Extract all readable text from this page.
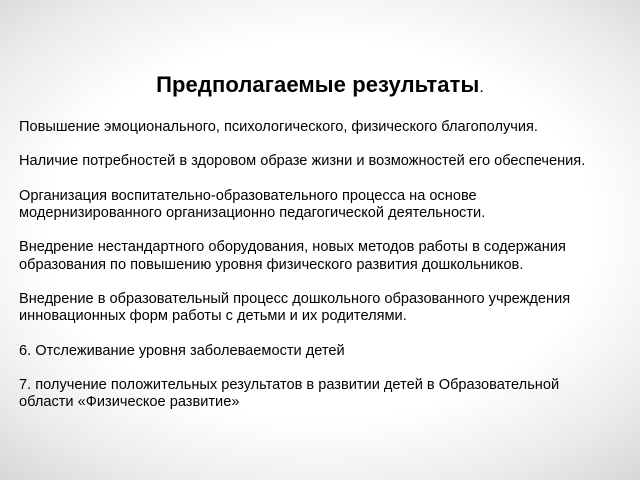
Предполагаемые результаты.

Повышение эмоционального, психологического, физического благополучия.

Наличие потребностей в здоровом образе жизни и возможностей его обеспечения.

Организация воспитательно-образовательного процесса на основе модернизированного организационно педагогической деятельности.

Внедрение нестандартного оборудования, новых методов работы в содержания образования по повышению уровня физического развития дошкольников.

Внедрение в образовательный процесс дошкольного образованного учреждения инновационных форм работы с детьми и их родителями.

6. Отслеживание уровня заболеваемости детей

7. получение положительных результатов в развитии детей в Образовательной области «Физическое развитие»
